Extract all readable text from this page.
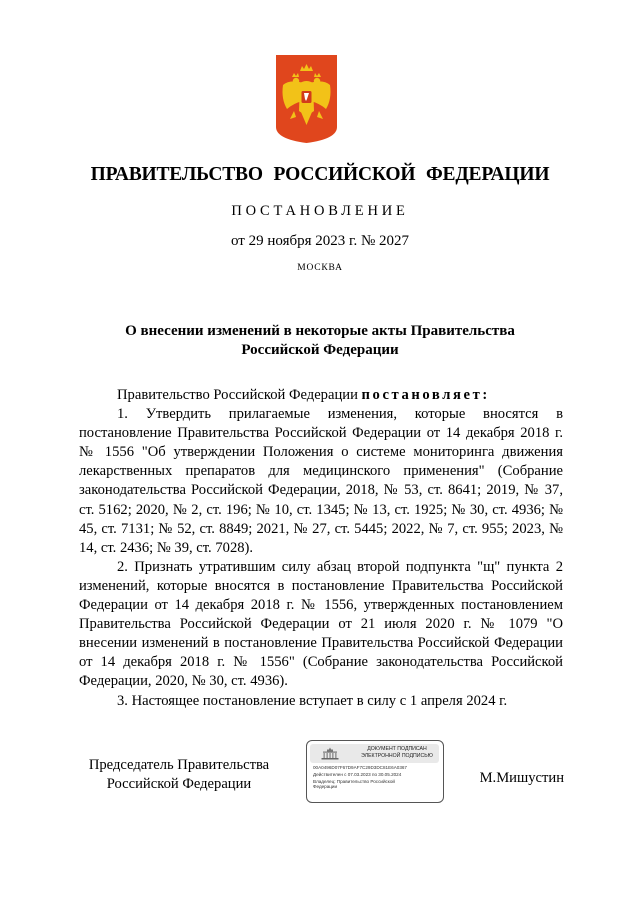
ПРАВИТЕЛЬСТВО РОССИЙСКОЙ ФЕДЕРАЦИИ
ПОСТАНОВЛЕНИЕ
от 29 ноября 2023 г. № 2027
МОСКВА
О внесении изменений в некоторые акты Правительства
Российской Федерации

Правительство Российской Федерации постановляет:

1. Утвердить прилагаемые изменения, которые вносятся в постановление Правительства Российской Федерации от 14 декабря 2018 г. № 1556 "Об утверждении Положения о системе мониторинга движения лекарственных препаратов для медицинского применения" (Собрание законодательства Российской Федерации, 2018, № 53, ст. 8641; 2019, № 37, ст. 5162; 2020, № 2, ст. 196; № 10, ст. 1345; № 13, ст. 1925; № 30, ст. 4936; № 45, ст. 7131; № 52, ст. 8849; 2021, № 27, ст. 5445; 2022, № 7, ст. 955; 2023, № 14, ст. 2436; № 39, ст. 7028).

2. Признать утратившим силу абзац второй подпункта "щ" пункта 2 изменений, которые вносятся в постановление Правительства Российской Федерации от 14 декабря 2018 г. № 1556, утвержденных постановлением Правительства Российской Федерации от 21 июля 2020 г. № 1079 "О внесении изменений в постановление Правительства Российской Федерации от 14 декабря 2018 г. № 1556" (Собрание законодательства Российской Федерации, 2020, № 30, ст. 4936).

3. Настоящее постановление вступает в силу с 1 апреля 2024 г.

Председатель Правительства
Российской Федерации
ДОКУМЕНТ ПОДПИСАН
ЭЛЕКТРОННОЙ ПОДПИСЬЮ
00A0496D07F67D9AF7C29D3DC81E6A0367
Действителен с 07.03.2023 по 30.05.2024
Владелец: Правительство Российской
Федерации
М.Мишустин
